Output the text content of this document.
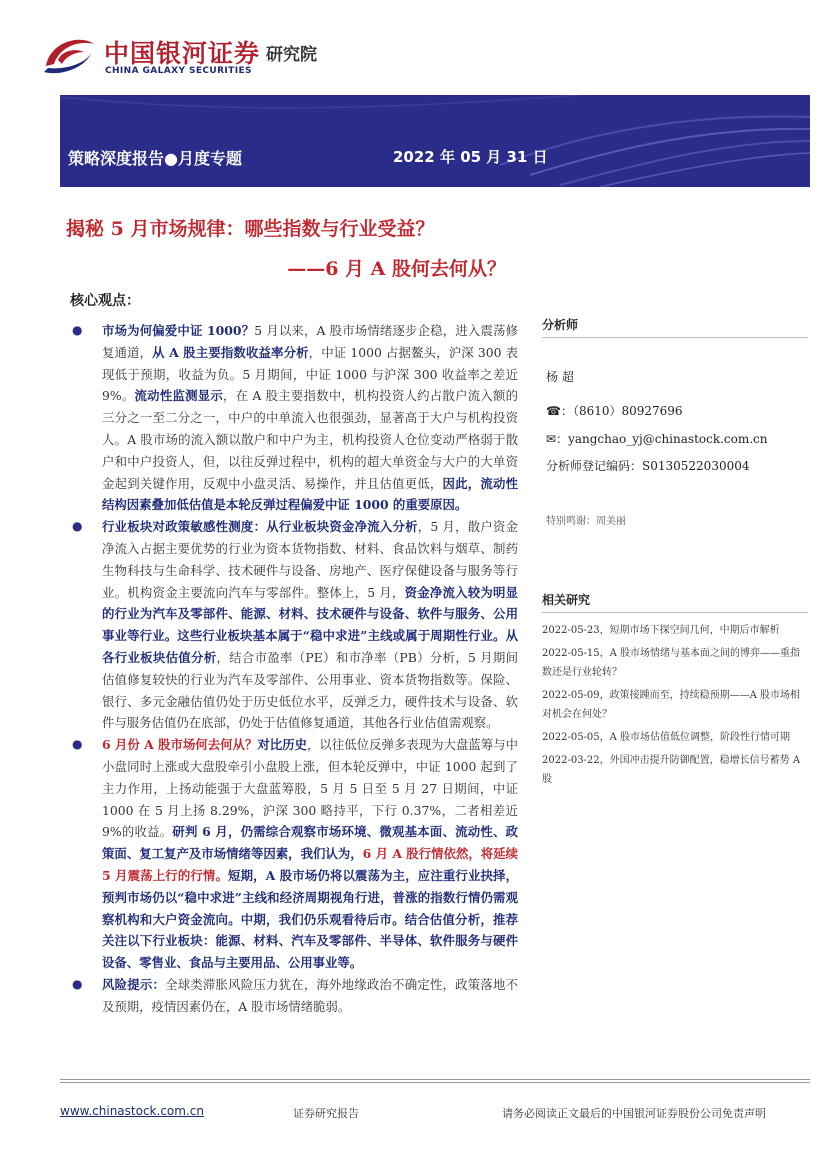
中国银河证券
CHINA GALAXY SECURITIES
研究院
策略深度报告●月度专题	2022 年 05 月 31 日
揭秘 5 月市场规律：哪些指数与行业受益？
——6 月 A 股何去何从？
核心观点：
● 市场为何偏爱中证 1000？5 月以来，A 股市场情绪逐步企稳，进入震荡修复通道，从 A 股主要指数收益率分析，中证 1000 占据鳌头，沪深 300 表现低于预期，收益为负。5 月期间，中证 1000 与沪深 300 收益率之差近 9%。流动性监测显示，在 A 股主要指数中，机构投资人约占散户流入额的三分之一至二分之一，中户的中单流入也很强劲，显著高于大户与机构投资人。A 股市场的流入额以散户和中户为主，机构投资人仓位变动严格弱于散户和中户投资人，但，以往反弹过程中，机构的超大单资金与大户的大单资金起到关键作用，反观中小盘灵活、易操作，并且估值更低，因此，流动性结构因素叠加低估值是本轮反弹过程偏爱中证 1000 的重要原因。
● 行业板块对政策敏感性测度：从行业板块资金净流入分析，5 月，散户资金净流入占据主要优势的行业为资本货物指数、材料、食品饮料与烟草、制药生物科技与生命科学、技术硬件与设备、房地产、医疗保健设备与服务等行业。机构资金主要流向汽车与零部件。整体上，5 月，资金净流入较为明显的行业为汽车及零部件、能源、材料、技术硬件与设备、软件与服务、公用事业等行业。这些行业板块基本属于“稳中求进”主线或属于周期性行业。从各行业板块估值分析，结合市盈率（PE）和市净率（PB）分析，5 月期间估值修复较快的行业为汽车及零部件、公用事业、资本货物指数等。保险、银行、多元金融估值仍处于历史低位水平，反弹乏力，硬件技术与设备、软件与服务估值仍在底部，仍处于估值修复通道，其他各行业估值需观察。
● 6 月份 A 股市场何去何从？对比历史，以往低位反弹多表现为大盘蓝筹与中小盘同时上涨或大盘股牵引小盘股上涨，但本轮反弹中，中证 1000 起到了主力作用，上扬动能强于大盘蓝筹股，5 月 5 日至 5 月 27 日期间，中证 1000 在 5 月上扬 8.29%，沪深 300 略持平，下行 0.37%，二者相差近 9%的收益。研判 6 月，仍需综合观察市场环境、微观基本面、流动性、政策面、复工复产及市场情绪等因素，我们认为，6 月 A 股行情依然，将延续 5 月震荡上行的行情。短期，A 股市场仍将以震荡为主，应注重行业抉择，预判市场仍以“稳中求进”主线和经济周期视角行进，普涨的指数行情仍需观察机构和大户资金流向。中期，我们仍乐观看待后市。结合估值分析，推荐关注以下行业板块：能源、材料、汽车及零部件、半导体、软件服务与硬件设备、零售业、食品与主要用品、公用事业等。
● 风险提示：全球类滞胀风险压力犹在，海外地缘政治不确定性，政策落地不及预期，疫情因素仍在，A 股市场情绪脆弱。
分析师
杨 超
☎：（8610）80927696
✉：yangchao_yj@chinastock.com.cn
分析师登记编码：S0130522030004
特别鸣谢：周美丽
相关研究
2022-05-23，短期市场下探空间几何，中期后市解析
2022-05-15，A 股市场情绪与基本面之间的博弈——重指数还是行业轮转？
2022-05-09，政策接踵而至，持续稳预期——A 股市场相对机会在何处？
2022-05-05，A 股市场估值低位调整，阶段性行情可期
2022-03-22，外国冲击提升防御配置，稳增长信号蓄势 A 股
www.chinastock.com.cn	证券研究报告	请务必阅读正文最后的中国银河证券股份公司免责声明
